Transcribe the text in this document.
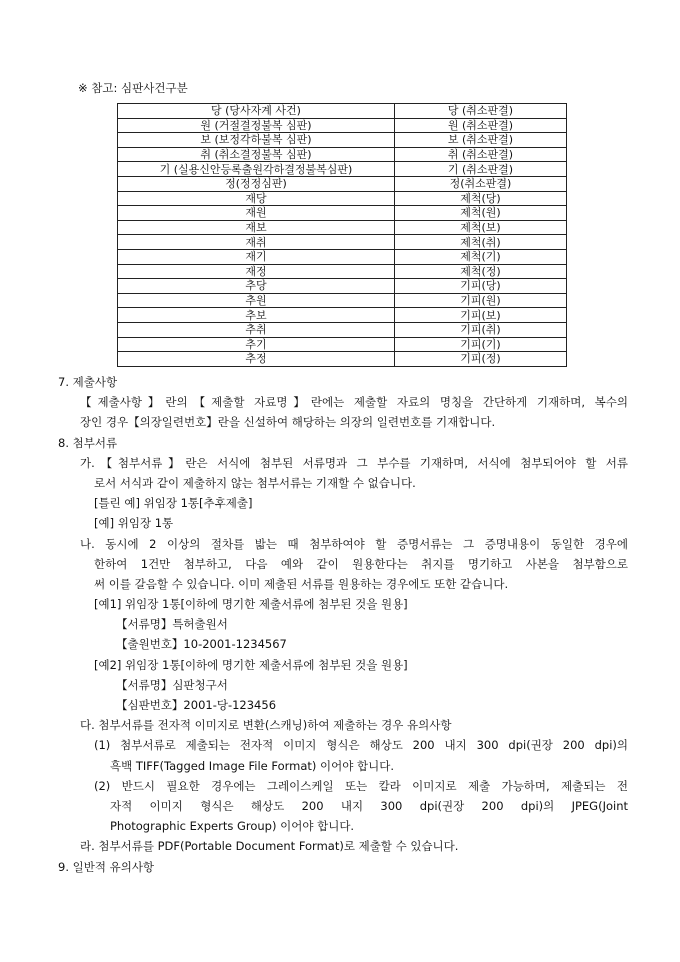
※ 참고: 심판사건구분
당 (당사자계 사건)	당 (취소판결)
원 (거절결정불복 심판)	원 (취소판결)
보 (보정각하불복 심판)	보 (취소판결)
취 (취소결정불복 심판)	취 (취소판결)
기 (실용신안등록출원각하결정불복심판)	기 (취소판결)
정(정정심판)	정(취소판결)
재당	제척(당)
재원	제척(원)
재보	제척(보)
재취	제척(취)
재기	제척(기)
재정	제척(정)
추당	기피(당)
추원	기피(원)
추보	기피(보)
추취	기피(취)
추기	기피(기)
추정	기피(정)
7. 제출사항
【제출사항】란의【제출할 자료명】란에는 제출할 자료의 명칭을 간단하게 기재하며, 복수의
장인 경우【의장일련번호】란을 신설하여 해당하는 의장의 일련번호를 기재합니다.
8. 첨부서류
가.【첨부서류】란은 서식에 첨부된 서류명과 그 부수를 기재하며, 서식에 첨부되어야 할 서류
로서 서식과 같이 제출하지 않는 첨부서류는 기재할 수 없습니다.
[틀린 예] 위임장 1통[추후제출]
[예] 위임장 1통
나. 동시에 2 이상의 절차를 밟는 때 첨부하여야 할 증명서류는 그 증명내용이 동일한 경우에
한하여 1건만 첨부하고, 다음 예와 같이 원용한다는 취지를 명기하고 사본을 첨부함으로
써 이를 갈음할 수 있습니다. 이미 제출된 서류를 원용하는 경우에도 또한 같습니다.
[예1] 위임장 1통[이하에 명기한 제출서류에 첨부된 것을 원용]
【서류명】특허출원서
【출원번호】10-2001-1234567
[예2] 위임장 1통[이하에 명기한 제출서류에 첨부된 것을 원용]
【서류명】심판청구서
【심판번호】2001-당-123456
다. 첨부서류를 전자적 이미지로 변환(스캐닝)하여 제출하는 경우 유의사항
(1) 첨부서류로 제출되는 전자적 이미지 형식은 해상도 200 내지 300 dpi(권장 200 dpi)의
흑백 TIFF(Tagged Image File Format) 이어야 합니다.
(2) 반드시 필요한 경우에는 그레이스케일 또는 칼라 이미지로 제출 가능하며, 제출되는 전
자적 이미지 형식은 해상도 200 내지 300 dpi(권장 200 dpi)의 JPEG(Joint
Photographic Experts Group) 이어야 합니다.
라. 첨부서류를 PDF(Portable Document Format)로 제출할 수 있습니다.
9. 일반적 유의사항
